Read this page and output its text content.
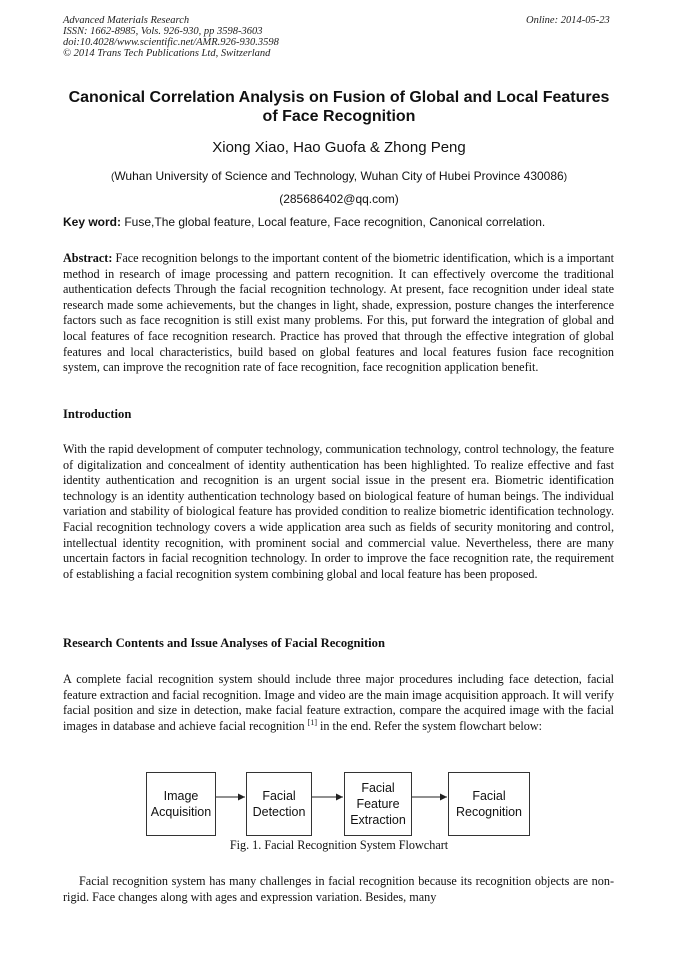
Advanced Materials Research
ISSN: 1662-8985, Vols. 926-930, pp 3598-3603
doi:10.4028/www.scientific.net/AMR.926-930.3598
© 2014 Trans Tech Publications Ltd, Switzerland
Online: 2014-05-23
Canonical Correlation Analysis on Fusion of Global and Local Features
of Face Recognition
Xiong Xiao, Hao Guofa & Zhong Peng
(Wuhan University of Science and Technology, Wuhan City of Hubei Province 430086)
(285686402@qq.com)
Key word: Fuse,The global feature, Local feature, Face recognition, Canonical correlation.
Abstract: Face recognition belongs to the important content of the biometric identification, which is a important method in research of image processing and pattern recognition. It can effectively overcome the traditional authentication defects Through the facial recognition technology. At present, face recognition under ideal state research made some achievements, but the changes in light, shade, expression, posture changes the interference factors such as face recognition is still exist many problems. For this, put forward the integration of global and local features of face recognition research. Practice has proved that through the effective integration of global features and local characteristics, build based on global features and local features fusion face recognition system, can improve the recognition rate of face recognition, face recognition application benefit.
Introduction
With the rapid development of computer technology, communication technology, control technology, the feature of digitalization and concealment of identity authentication has been highlighted. To realize effective and fast identity authentication and recognition is an urgent social issue in the present era. Biometric identification technology is an identity authentication technology based on biological feature of human beings. The individual variation and stability of biological feature has provided condition to realize biometric identification technology. Facial recognition technology covers a wide application area such as fields of security monitoring and control, intellectual identity recognition, with prominent social and commercial value. Nevertheless, there are many uncertain factors in facial recognition technology. In order to improve the face recognition rate, the requirement of establishing a facial recognition system combining global and local feature has been proposed.
Research Contents and Issue Analyses of Facial Recognition
A complete facial recognition system should include three major procedures including face detection, facial feature extraction and facial recognition. Image and video are the main image acquisition approach. It will verify facial position and size in detection, make facial feature extraction, compare the acquired image with the facial images in database and achieve facial recognition [1] in the end. Refer the system flowchart below:
Image
Acquisition
Facial
Detection
Facial
Feature
Extraction
Facial
Recognition
Fig. 1. Facial Recognition System Flowchart
Facial recognition system has many challenges in facial recognition because its recognition objects are non-rigid. Face changes along with ages and expression variation. Besides, many
